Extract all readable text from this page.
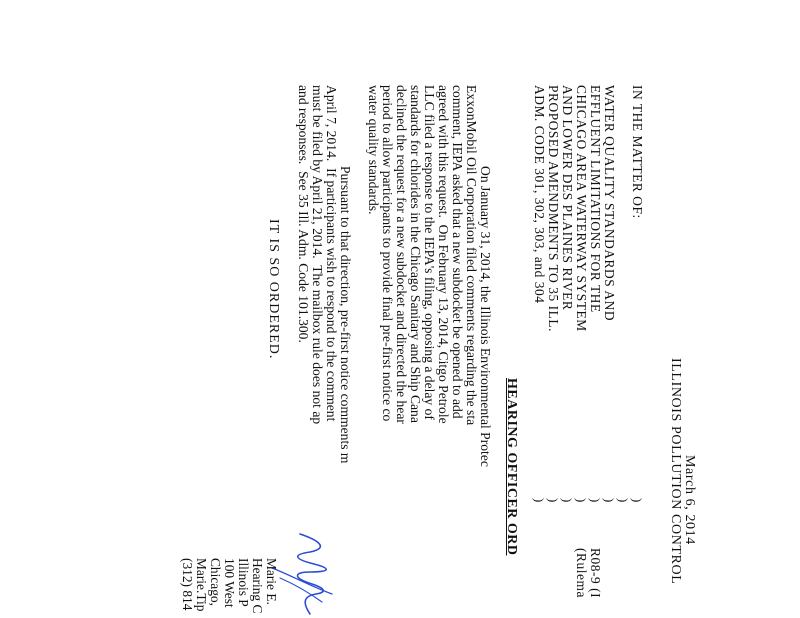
ILLINOIS POLLUTION CONTROL March 6, 2014
IN THE MATTER OF:
WATER QUALITY STANDARDS AND
EFFLUENT LIMITATIONS FOR THE
CHICAGO AREA WATERWAY SYSTEM
AND LOWER DES PLAINES RIVER
PROPOSED AMENDMENTS TO 35 ILL.
ADM. CODE 301, 302, 303, and 304
)
)
)
)
)
)
)
)
R08-9 (I
(Rulema
HEARING OFFICER ORD
On January 31, 2014, the Illinois Environmental Protec
ExxonMobil Oil Corporation filed comments regarding the sta
comment, IEPA asked that a new subdocket be opened to add
agreed with this request.  On February 13, 2014, Citgo Petrole
LLC filed a response to the IEPA's filing, opposing a delay of
standards for chlorides in the Chicago Sanitary and Ship Cana
declined the request for a new subdocket and directed the hear
period to allow participants to provide final pre-first notice co
water quality standards.
Pursuant to that direction, pre-first notice comments m
April 7, 2014.  If participants wish to respond to the comment
must be filed by April 21, 2014.  The mailbox rule does not ap
and responses.  See 35 Ill. Adm. Code 101.300.
IT IS SO ORDERED.
Marie E.
Hearing C
Illinois P
100 West
Chicago,
Marie.Tip
(312) 814
